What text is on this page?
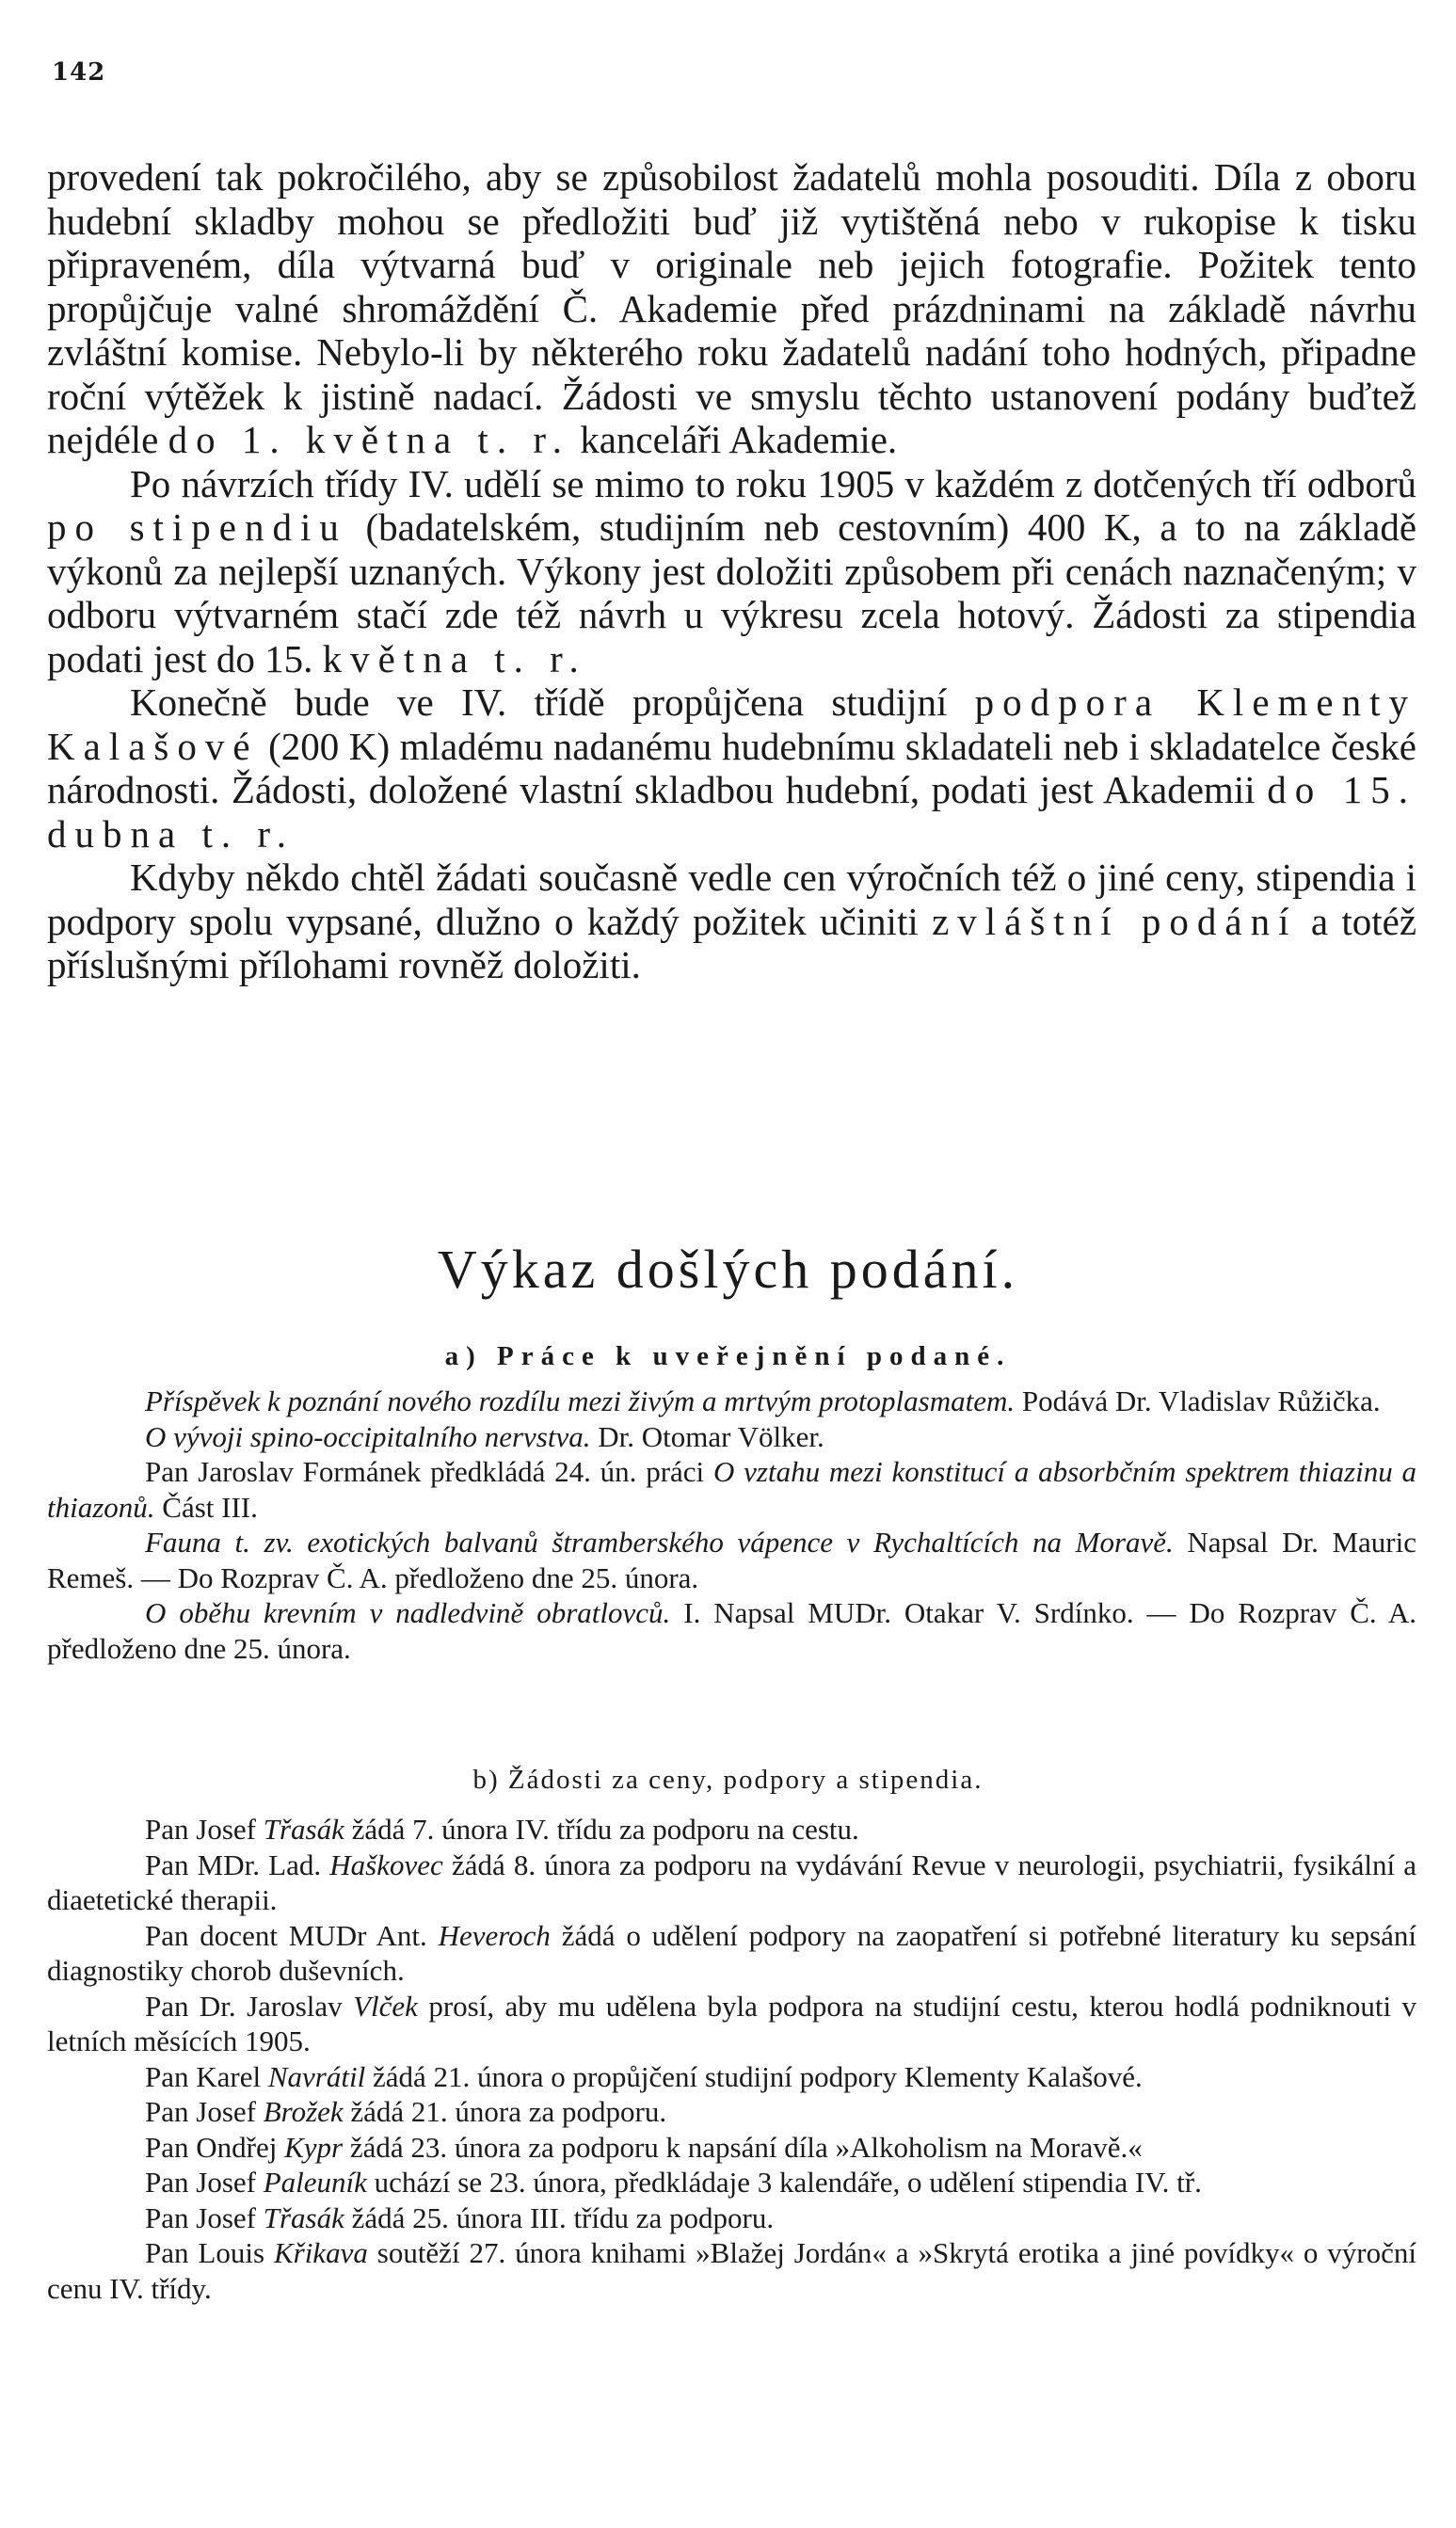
142

provedení tak pokročilého, aby se způsobilost žadatelů mohla posouditi. Díla z oboru hudební skladby mohou se předložiti buď již vytištěná nebo v rukopise k tisku připraveném, díla výtvarná buď v originale neb jejich fotografie. Požitek tento propůjčuje valné shromáždění Č. Akademie před prázdninami na základě návrhu zvláštní komise. Nebylo-li by některého roku žadatelů nadání toho hodných, připadne roční výtěžek k jistině nadací. Žádosti ve smyslu těchto ustanovení podány buďtež nejdéle do 1. května t. r. kanceláři Akademie.

Po návrzích třídy IV. udělí se mimo to roku 1905 v každém z dotčených tří odborů po stipendiu (badatelském, studijním neb cestovním) 400 K, a to na základě výkonů za nejlepší uznaných. Výkony jest doložiti způsobem při cenách naznačeným; v odboru výtvarném stačí zde též návrh u výkresu zcela hotový. Žádosti za stipendia podati jest do 15. května t. r.

Konečně bude ve IV. třídě propůjčena studijní podpora Klementy Kalašové (200 K) mladému nadanému hudebnímu skladateli neb i skladatelce české národnosti. Žádosti, doložené vlastní skladbou hudební, podati jest Akademii do 15. dubna t. r.

Kdyby někdo chtěl žádati současně vedle cen výročních též o jiné ceny, stipendia i podpory spolu vypsané, dlužno o každý požitek učiniti zvláštní podání a totéž příslušnými přílohami rovněž doložiti.

Výkaz došlých podání.
a) Práce k uveřejnění podané.

Příspěvek k poznání nového rozdílu mezi živým a mrtvým protoplasmatem. Podává Dr. Vladislav Růžička.

O vývoji spino-occipitalního nervstva. Dr. Otomar Völker.

Pan Jaroslav Formánek předkládá 24. ún. práci O vztahu mezi konstitucí a absorbčním spektrem thiazinu a thiazonů. Část III.

Fauna t. zv. exotických balvanů štramberského vápence v Rychaltících na Moravě. Napsal Dr. Mauric Remeš. — Do Rozprav Č. A. předloženo dne 25. února.

O oběhu krevním v nadledvině obratlovců. I. Napsal MUDr. Otakar V. Srdínko. — Do Rozprav Č. A. předloženo dne 25. února.

b) Žádosti za ceny, podpory a stipendia.

Pan Josef Třasák žádá 7. února IV. třídu za podporu na cestu.

Pan MDr. Lad. Haškovec žádá 8. února za podporu na vydávání Revue v neurologii, psychiatrii, fysikální a diaetetické therapii.

Pan docent MUDr Ant. Heveroch žádá o udělení podpory na zaopatření si potřebné literatury ku sepsání diagnostiky chorob duševních.

Pan Dr. Jaroslav Vlček prosí, aby mu udělena byla podpora na studijní cestu, kterou hodlá podniknouti v letních měsících 1905.

Pan Karel Navrátil žádá 21. února o propůjčení studijní podpory Klementy Kalašové.

Pan Josef Brožek žádá 21. února za podporu.

Pan Ondřej Kypr žádá 23. února za podporu k napsání díla »Alkoholism na Moravě.«

Pan Josef Paleuník uchází se 23. února, předkládaje 3 kalendáře, o udělení stipendia IV. tř.

Pan Josef Třasák žádá 25. února III. třídu za podporu.

Pan Louis Křikava soutěží 27. února knihami »Blažej Jordán« a »Skrytá erotika a jiné povídky« o výroční cenu IV. třídy.
